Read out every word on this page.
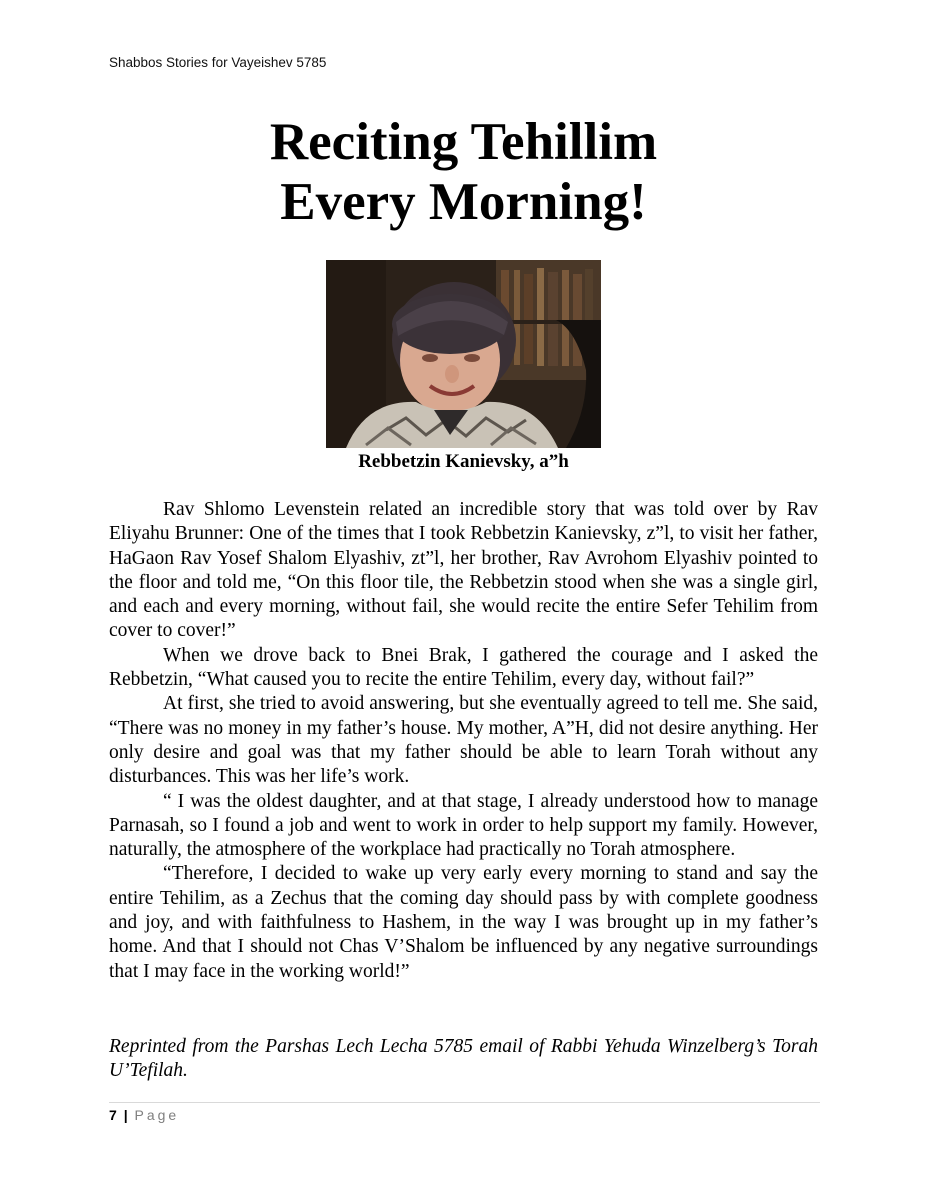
Shabbos Stories for Vayeishev 5785
Reciting Tehillim
Every Morning!
Rebbetzin Kanievsky, a”h

Rav Shlomo Levenstein related an incredible story that was told over by Rav Eliyahu Brunner: One of the times that I took Rebbetzin Kanievsky, z”l, to visit her father, HaGaon Rav Yosef Shalom Elyashiv, zt”l, her brother, Rav Avrohom Elyashiv pointed to the floor and told me, “On this floor tile, the Rebbetzin stood when she was a single girl, and each and every morning, without fail, she would recite the entire Sefer Tehilim from cover to cover!”

When we drove back to Bnei Brak, I gathered the courage and I asked the Rebbetzin, “What caused you to recite the entire Tehilim, every day, without fail?”

At first, she tried to avoid answering, but she eventually agreed to tell me. She said, “There was no money in my father’s house. My mother, A”H, did not desire anything. Her only desire and goal was that my father should be able to learn Torah without any disturbances. This was her life’s work.

“ I was the oldest daughter, and at that stage, I already understood how to manage Parnasah, so I found a job and went to work in order to help support my family. However, naturally, the atmosphere of the workplace had practically no Torah atmosphere.

“Therefore, I decided to wake up very early every morning to stand and say the entire Tehilim, as a Zechus that the coming day should pass by with complete goodness and joy, and with faithfulness to Hashem, in the way I was brought up in my father’s home. And that I should not Chas V’Shalom be influenced by any negative surroundings that I may face in the working world!”

Reprinted from the Parshas Lech Lecha 5785 email of Rabbi Yehuda Winzelberg’s Torah U’Tefilah.
7 | Page
